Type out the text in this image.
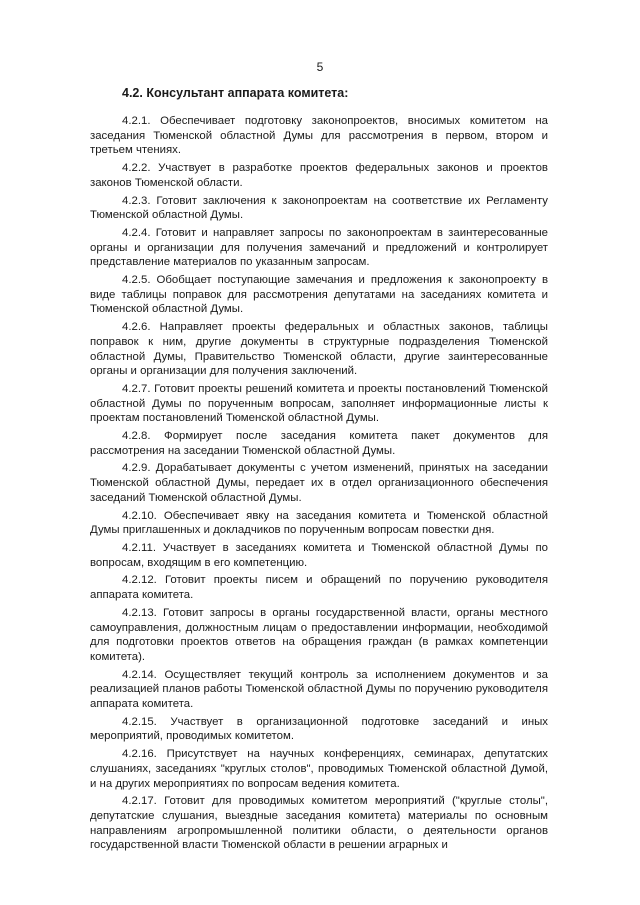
5
4.2. Консультант аппарата комитета:

4.2.1. Обеспечивает подготовку законопроектов, вносимых комитетом на заседания Тюменской областной Думы для рассмотрения в первом, втором и третьем чтениях.

4.2.2. Участвует в разработке проектов федеральных законов и проектов законов Тюменской области.

4.2.3. Готовит заключения к законопроектам на соответствие их Регламенту Тюменской областной Думы.

4.2.4. Готовит и направляет запросы по законопроектам в заинтересованные органы и организации для получения замечаний и предложений и контролирует представление материалов по указанным запросам.

4.2.5. Обобщает поступающие замечания и предложения к законопроекту в виде таблицы поправок для рассмотрения депутатами на заседаниях комитета и Тюменской областной Думы.

4.2.6. Направляет проекты федеральных и областных законов, таблицы поправок к ним, другие документы в структурные подразделения Тюменской областной Думы, Правительство Тюменской области, другие заинтересованные органы и организации для получения заключений.

4.2.7. Готовит проекты решений комитета и проекты постановлений Тюменской областной Думы по порученным вопросам, заполняет информационные листы к проектам постановлений Тюменской областной Думы.

4.2.8. Формирует после заседания комитета пакет документов для рассмотрения на заседании Тюменской областной Думы.

4.2.9. Дорабатывает документы с учетом изменений, принятых на заседании Тюменской областной Думы, передает их в отдел организационного обеспечения заседаний Тюменской областной Думы.

4.2.10. Обеспечивает явку на заседания комитета и Тюменской областной Думы приглашенных и докладчиков по порученным вопросам повестки дня.

4.2.11. Участвует в заседаниях комитета и Тюменской областной Думы по вопросам, входящим в его компетенцию.

4.2.12. Готовит проекты писем и обращений по поручению руководителя аппарата комитета.

4.2.13. Готовит запросы в органы государственной власти, органы местного самоуправления, должностным лицам о предоставлении информации, необходимой для подготовки проектов ответов на обращения граждан (в рамках компетенции комитета).

4.2.14. Осуществляет текущий контроль за исполнением документов и за реализацией планов работы Тюменской областной Думы по поручению руководителя аппарата комитета.

4.2.15. Участвует в организационной подготовке заседаний и иных мероприятий, проводимых комитетом.

4.2.16. Присутствует на научных конференциях, семинарах, депутатских слушаниях, заседаниях "круглых столов", проводимых Тюменской областной Думой, и на других мероприятиях по вопросам ведения комитета.

4.2.17. Готовит для проводимых комитетом мероприятий ("круглые столы", депутатские слушания, выездные заседания комитета) материалы по основным направлениям агропромышленной политики области, о деятельности органов государственной власти Тюменской области в решении аграрных и
